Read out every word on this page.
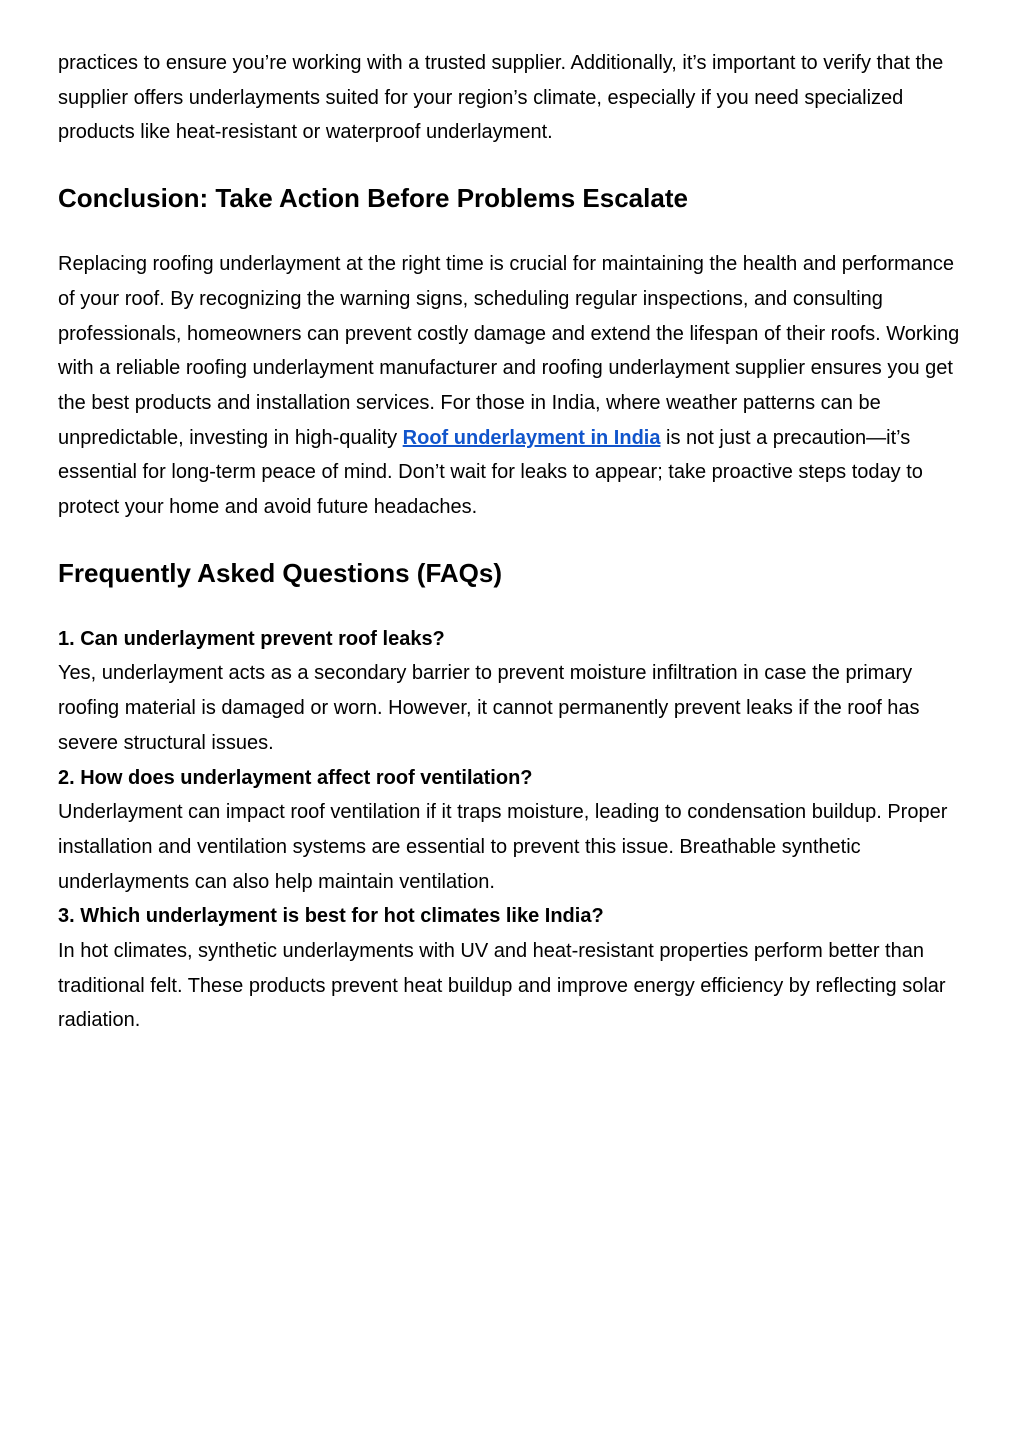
practices to ensure you’re working with a trusted supplier. Additionally, it’s important to verify that the supplier offers underlayments suited for your region’s climate, especially if you need specialized products like heat-resistant or waterproof underlayment.

Conclusion: Take Action Before Problems Escalate

Replacing roofing underlayment at the right time is crucial for maintaining the health and performance of your roof. By recognizing the warning signs, scheduling regular inspections, and consulting professionals, homeowners can prevent costly damage and extend the lifespan of their roofs. Working with a reliable roofing underlayment manufacturer and roofing underlayment supplier ensures you get the best products and installation services. For those in India, where weather patterns can be unpredictable, investing in high-quality Roof underlayment in India is not just a precaution—it’s essential for long-term peace of mind. Don’t wait for leaks to appear; take proactive steps today to protect your home and avoid future headaches.

Frequently Asked Questions (FAQs)

1. Can underlayment prevent roof leaks?

Yes, underlayment acts as a secondary barrier to prevent moisture infiltration in case the primary roofing material is damaged or worn. However, it cannot permanently prevent leaks if the roof has severe structural issues.

2. How does underlayment affect roof ventilation?

Underlayment can impact roof ventilation if it traps moisture, leading to condensation buildup. Proper installation and ventilation systems are essential to prevent this issue. Breathable synthetic underlayments can also help maintain ventilation.

3. Which underlayment is best for hot climates like India?

In hot climates, synthetic underlayments with UV and heat-resistant properties perform better than traditional felt. These products prevent heat buildup and improve energy efficiency by reflecting solar radiation.
